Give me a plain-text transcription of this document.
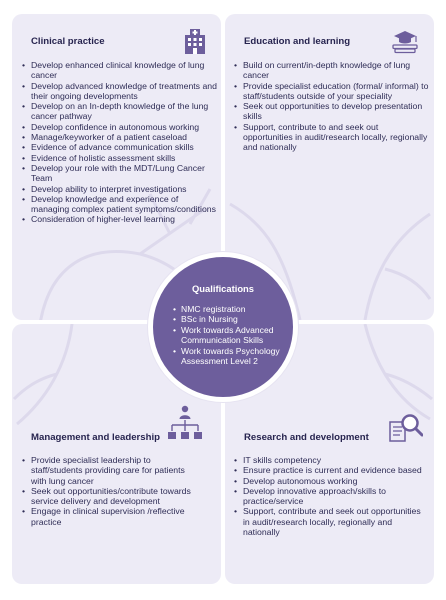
Clinical practice	Education and learning
Management and leadership	Research and development
• Develop enhanced clinical knowledge of lung cancer
• Develop advanced knowledge of treatments and their ongoing developments
• Develop on an In-depth knowledge of the lung cancer pathway
• Develop confidence in autonomous working
• Manage/keyworker of a patient caseload
• Evidence of advance communication skills
• Evidence of holistic assessment skills
• Develop your role with the MDT/Lung Cancer Team
• Develop ability to interpret investigations
• Develop knowledge and experience of managing complex patient symptoms/conditions
• Consideration of higher-level learning
• Build on current/in-depth knowledge of lung cancer
• Provide specialist education (formal/ informal) to staff/students outside of your speciality
• Seek out opportunities to develop presentation skills
• Support, contribute to and seek out opportunities in audit/research locally, regionally and nationally
• Provide specialist leadership to staff/students providing care for patients with lung cancer
• Seek out opportunities/contribute towards service delivery and development
• Engage in clinical supervision /reflective practice
• IT skills competency
• Ensure practice is current and evidence based
• Develop autonomous working
• Develop innovative approach/skills to practice/service
• Support, contribute and seek out opportunities in audit/research locally, regionally and nationally
Qualifications
• NMC registration
• BSc in Nursing
• Work towards Advanced Communication Skills
• Work towards Psychology Assessment Level 2
